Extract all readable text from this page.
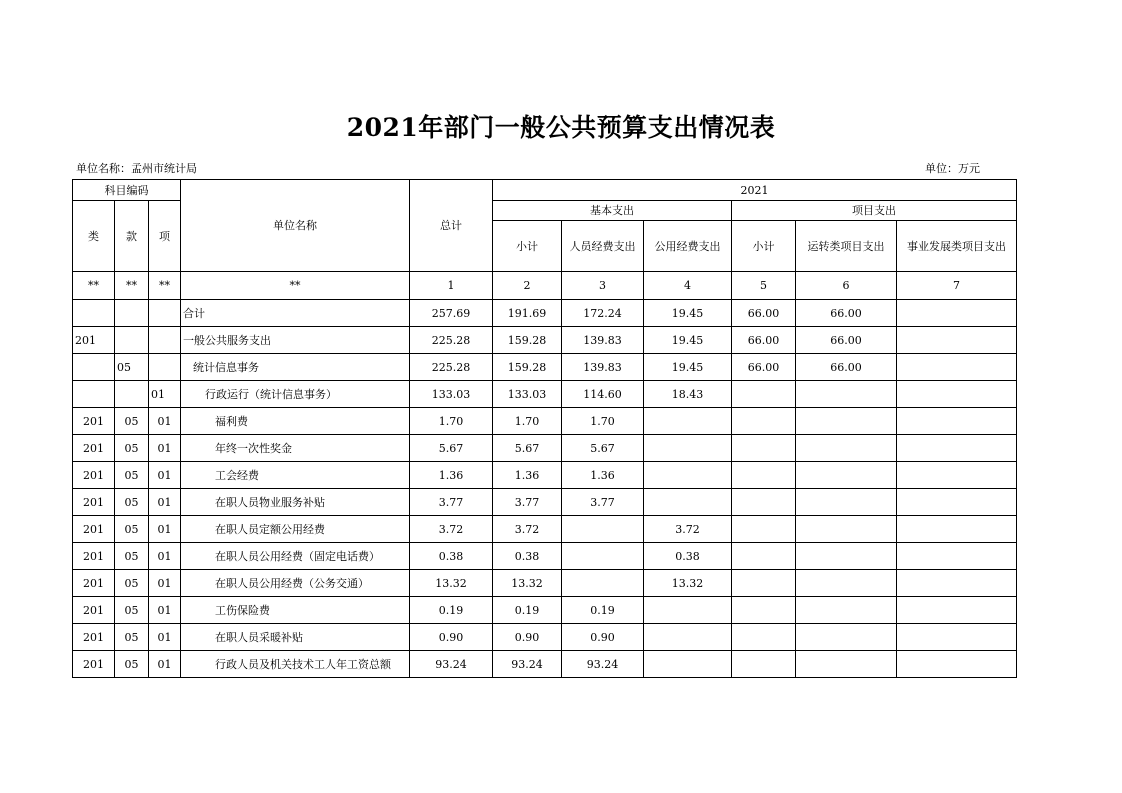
2021年部门一般公共预算支出情况表
单位名称：孟州市统计局	单位：万元
科目编码			单位名称	总计	2021					
类	款	项			基本支出			项目支出		
					小计	人员经费支出	公用经费支出	小计	运转类项目支出	事业发展类项目支出
**	**	**	**	1	2	3	4	5	6	7
			合计	257.69	191.69	172.24	19.45	66.00	66.00	
201			一般公共服务支出	225.28	159.28	139.83	19.45	66.00	66.00	
	05		统计信息事务	225.28	159.28	139.83	19.45	66.00	66.00	
		01	行政运行（统计信息事务）	133.03	133.03	114.60	18.43			
201	05	01	福利费	1.70	1.70	1.70				
201	05	01	年终一次性奖金	5.67	5.67	5.67				
201	05	01	工会经费	1.36	1.36	1.36				
201	05	01	在职人员物业服务补贴	3.77	3.77	3.77				
201	05	01	在职人员定额公用经费	3.72	3.72		3.72			
201	05	01	在职人员公用经费（固定电话费）	0.38	0.38		0.38			
201	05	01	在职人员公用经费（公务交通）	13.32	13.32		13.32			
201	05	01	工伤保险费	0.19	0.19	0.19				
201	05	01	在职人员采暖补贴	0.90	0.90	0.90				
201	05	01	行政人员及机关技术工人年工资总额	93.24	93.24	93.24				
